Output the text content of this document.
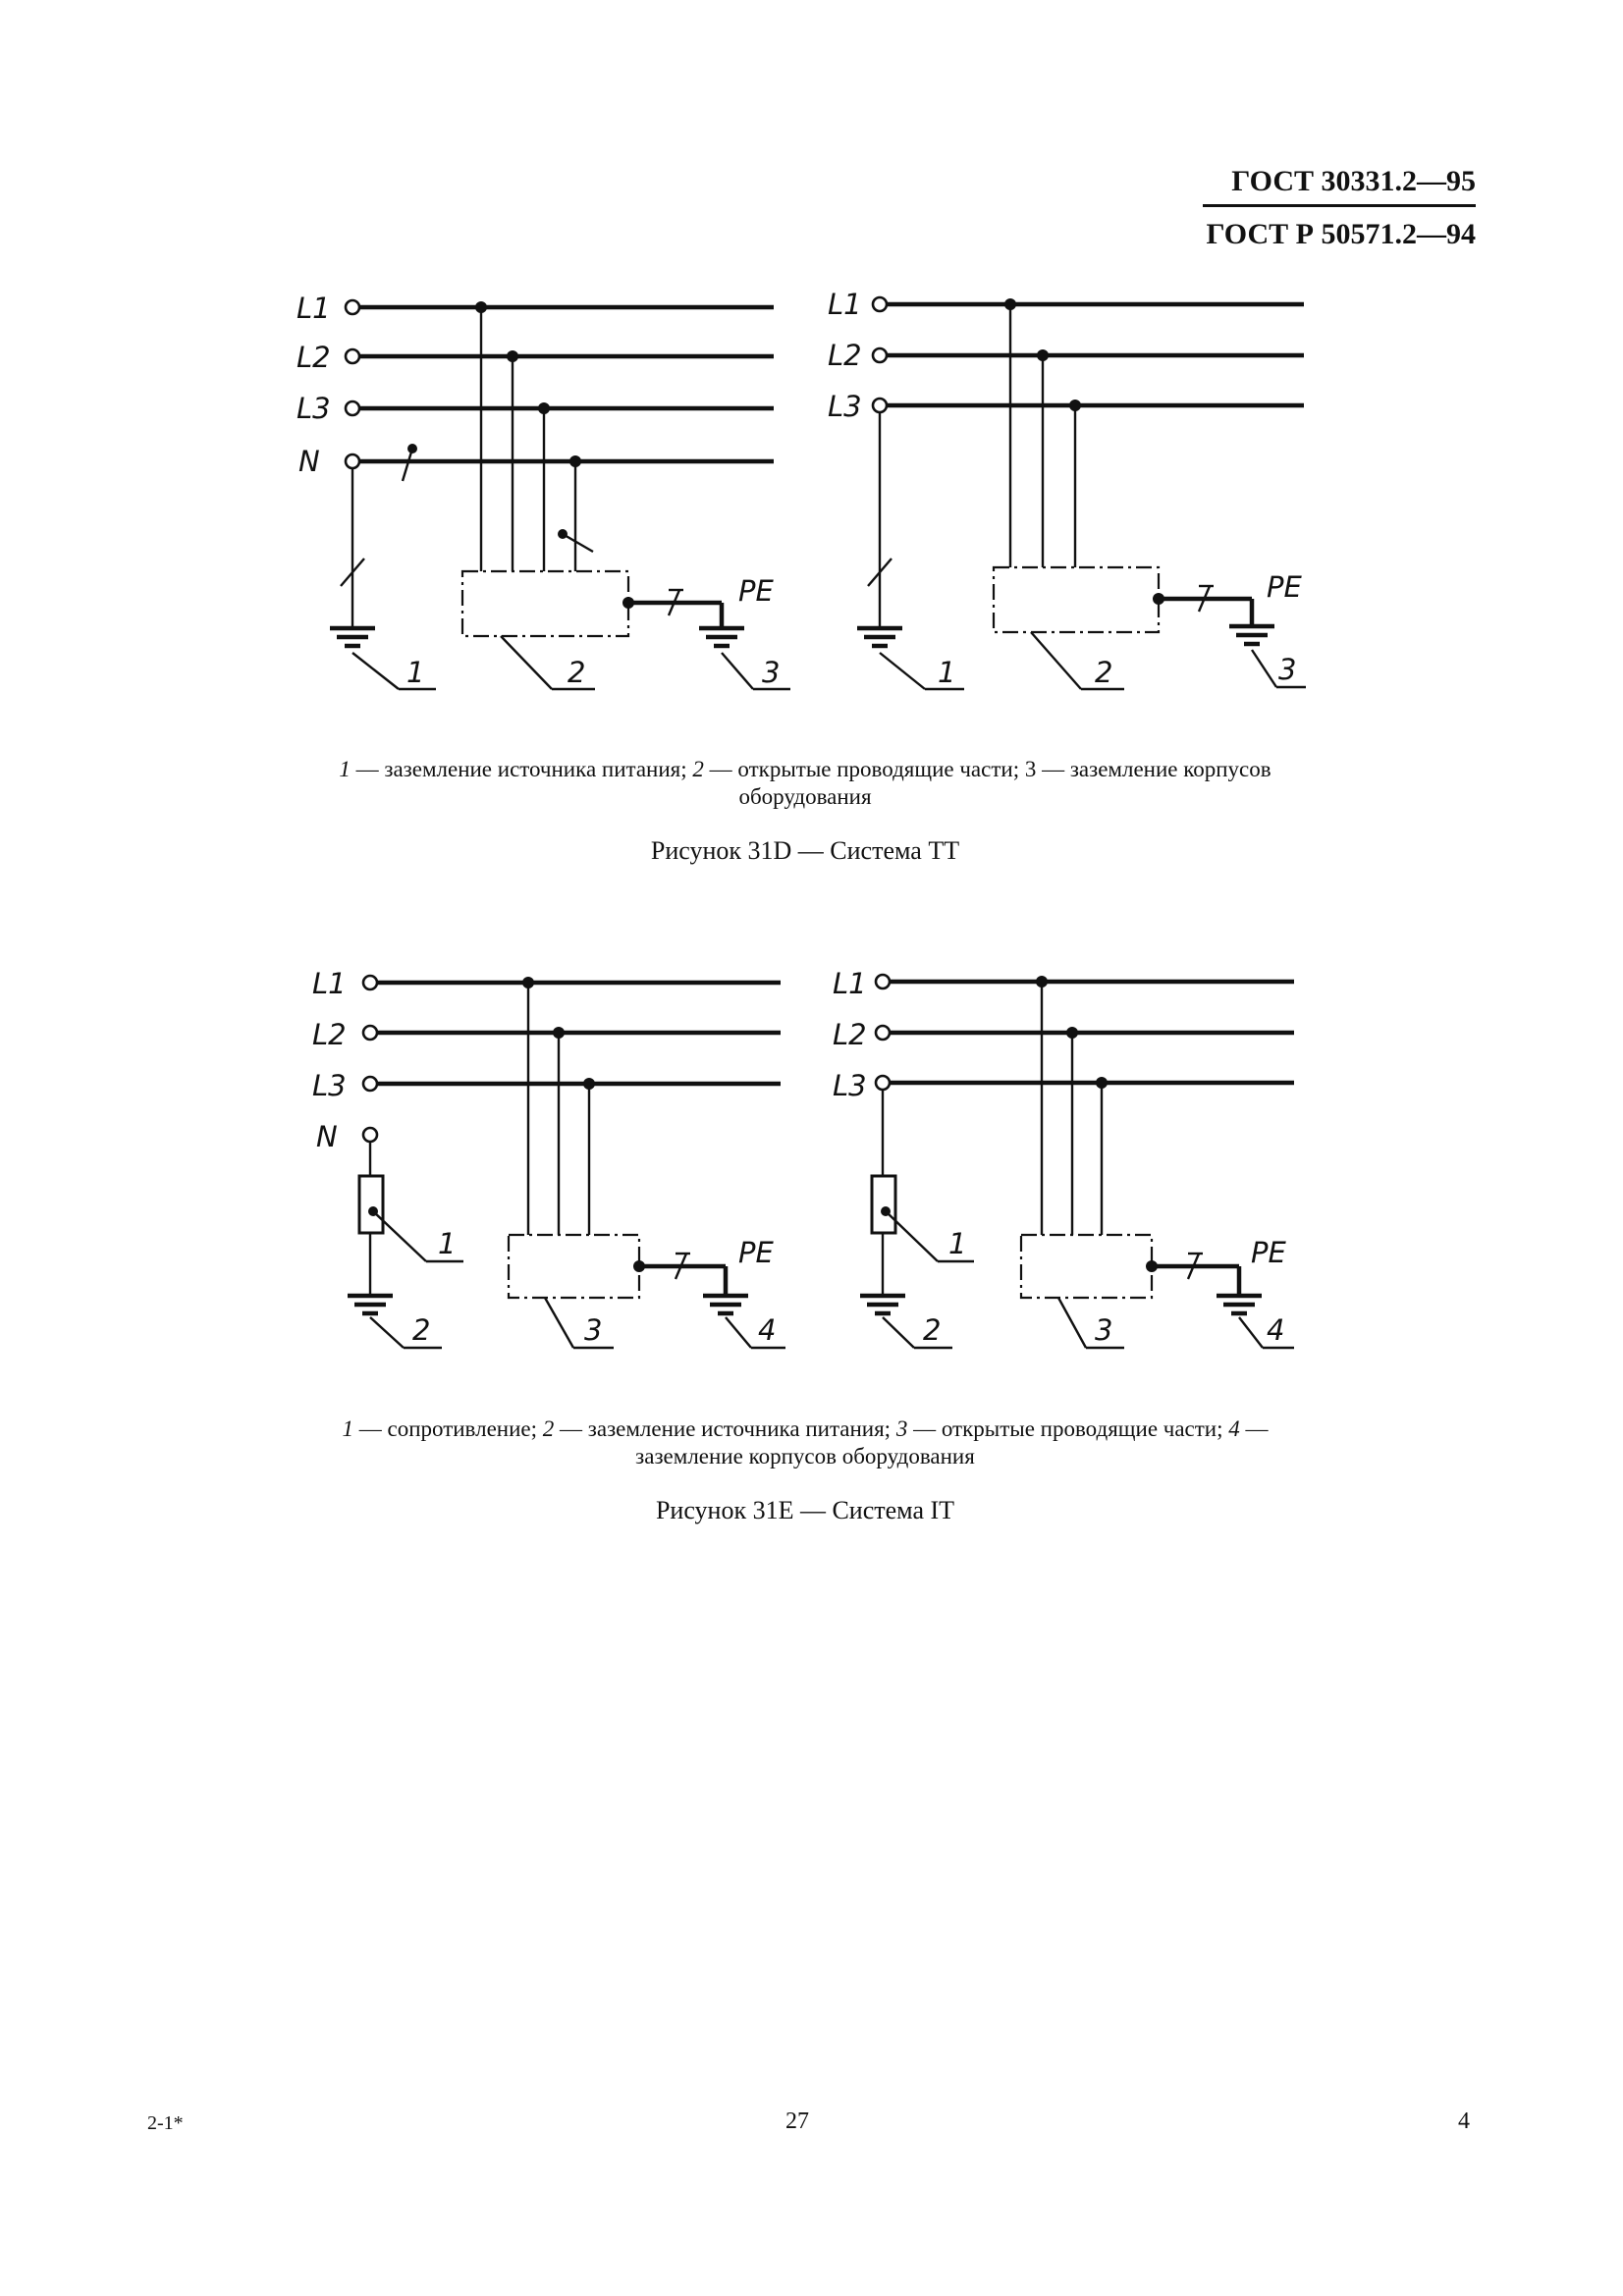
ГОСТ 30331.2—95
ГОСТ Р 50571.2—94
L1
L2
L3
N
PE
1	2	3
L1
L2
L3
PE
1	2	3
1 — заземление источника питания; 2 — открытые проводящие части; 3 — заземление корпусов оборудования
Рисунок 31D — Система TT
L1
L2
L3
N
1	PE
2	3	4
L1
L2
L3
1	PE
2	3	4
1 — сопротивление; 2 — заземление источника питания; 3 — открытые проводящие части; 4 — заземление корпусов оборудования
Рисунок 31E — Система IT
2-1*	27	4
